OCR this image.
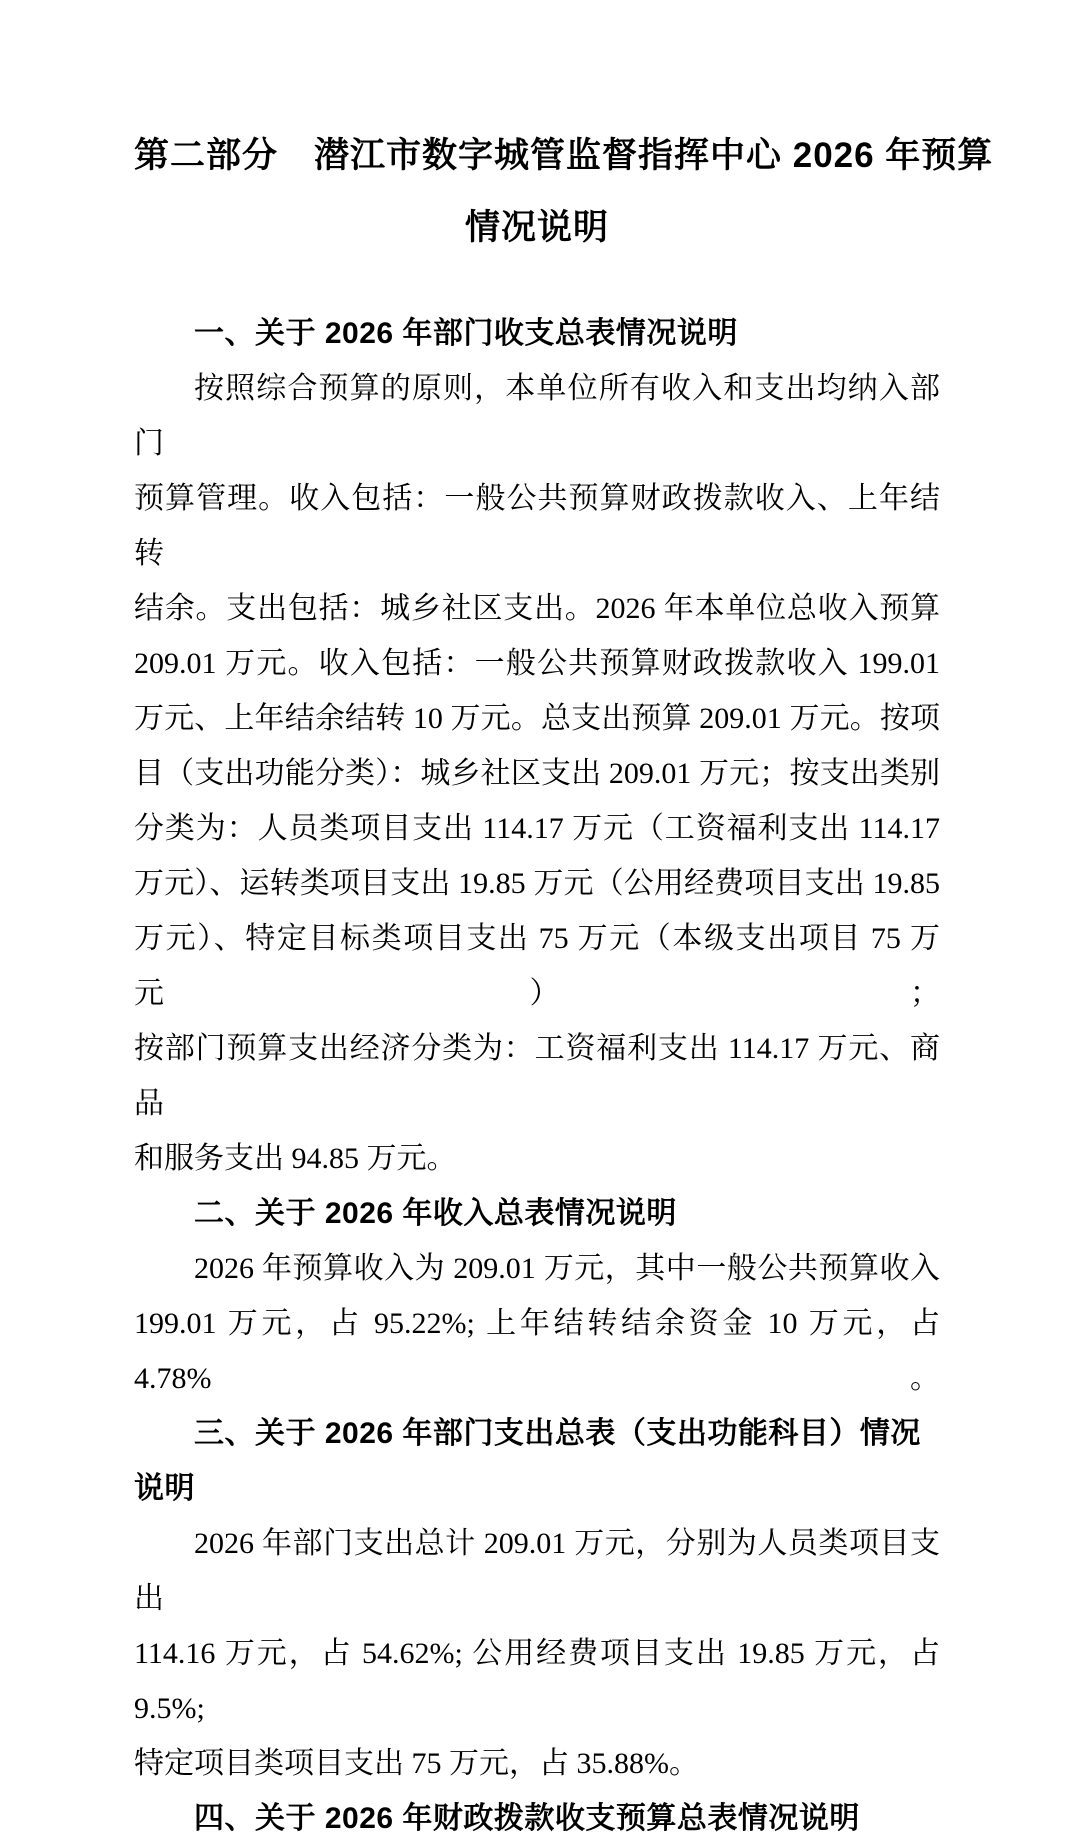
第二部分　潜江市数字城管监督指挥中心 2026 年预算
情况说明
一、关于 2026 年部门收支总表情况说明
按照综合预算的原则，本单位所有收入和支出均纳入部门
预算管理。收入包括：一般公共预算财政拨款收入、上年结转
结余。支出包括：城乡社区支出。2026 年本单位总收入预算
209.01 万元。收入包括：一般公共预算财政拨款收入 199.01
万元、上年结余结转 10 万元。总支出预算 209.01 万元。按项
目（支出功能分类）：城乡社区支出 209.01 万元；按支出类别
分类为：人员类项目支出 114.17 万元（工资福利支出 114.17
万元）、运转类项目支出 19.85 万元（公用经费项目支出 19.85
万元）、特定目标类项目支出 75 万元（本级支出项目 75 万元）；
按部门预算支出经济分类为：工资福利支出 114.17 万元、商品
和服务支出 94.85 万元。
二、关于 2026 年收入总表情况说明
2026 年预算收入为 209.01 万元，其中一般公共预算收入
199.01 万元，占 95.22%; 上年结转结余资金 10 万元，占 4.78%。
三、关于 2026 年部门支出总表（支出功能科目）情况说明
2026 年部门支出总计 209.01 万元，分别为人员类项目支出
114.16 万元，占 54.62%; 公用经费项目支出 19.85 万元，占 9.5%;
特定项目类项目支出 75 万元，占 35.88%。
四、关于 2026 年财政拨款收支预算总表情况说明
